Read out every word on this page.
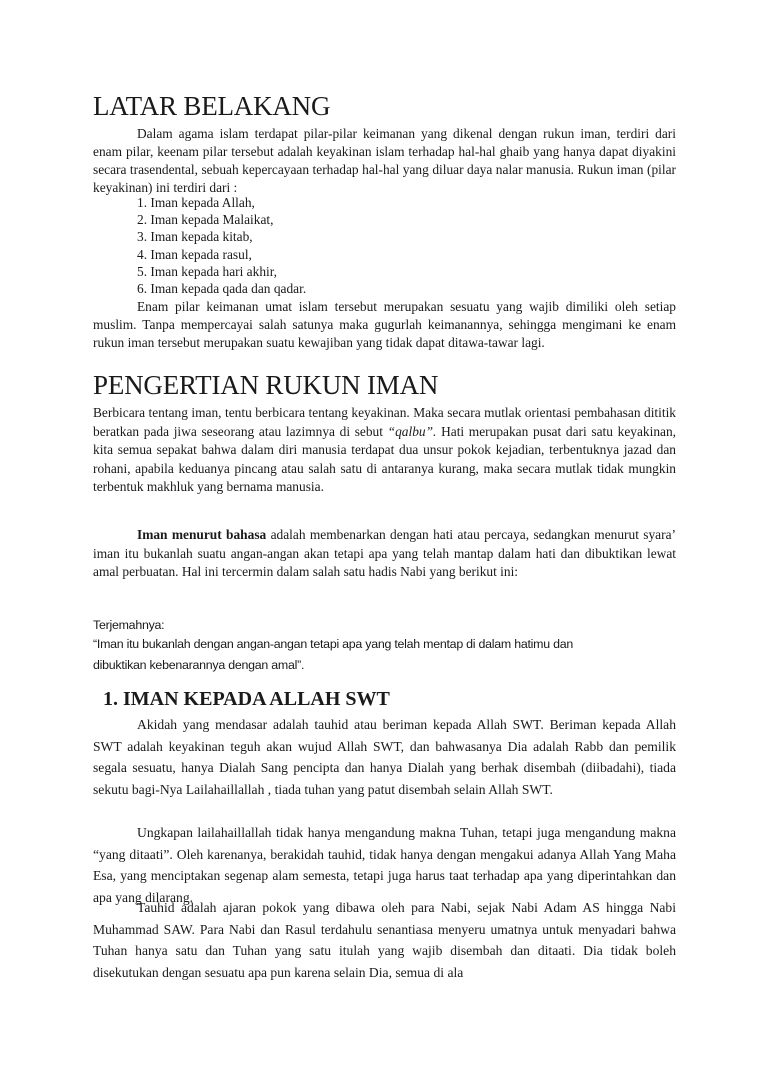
LATAR BELAKANG

Dalam agama islam terdapat pilar-pilar keimanan yang dikenal dengan rukun iman, terdiri dari enam pilar, keenam pilar tersebut adalah keyakinan islam terhadap hal-hal ghaib yang hanya dapat diyakini secara trasendental, sebuah kepercayaan terhadap hal-hal yang diluar daya nalar manusia. Rukun iman (pilar keyakinan) ini terdiri dari :

1. Iman kepada Allah,
2. Iman kepada Malaikat,
3. Iman kepada kitab,
4. Iman kepada rasul,
5. Iman kepada hari akhir,
6. Iman kepada qada dan qadar.

Enam pilar keimanan umat islam tersebut merupakan sesuatu yang wajib dimiliki oleh setiap muslim. Tanpa mempercayai salah satunya maka gugurlah keimanannya, sehingga mengimani ke enam rukun iman tersebut merupakan suatu kewajiban yang tidak dapat ditawa-tawar lagi.

PENGERTIAN RUKUN IMAN

Berbicara tentang iman, tentu berbicara tentang keyakinan. Maka secara mutlak orientasi pembahasan dititik beratkan pada jiwa seseorang atau lazimnya di sebut “qalbu”. Hati merupakan pusat dari satu keyakinan, kita semua sepakat bahwa dalam diri manusia terdapat dua unsur pokok kejadian, terbentuknya jazad dan rohani, apabila keduanya pincang atau salah satu di antaranya kurang, maka secara mutlak tidak mungkin terbentuk makhluk yang bernama manusia.

Iman menurut bahasa adalah membenarkan dengan hati atau percaya, sedangkan menurut syara’ iman itu bukanlah suatu angan-angan akan tetapi apa yang telah mantap dalam hati dan dibuktikan lewat amal perbuatan. Hal ini tercermin dalam salah satu hadis Nabi yang berikut ini:

Terjemahnya:

“Iman itu bukanlah dengan angan-angan tetapi apa yang telah mentap di dalam hatimu dan

dibuktikan kebenarannya dengan amal”.

1. IMAN KEPADA ALLAH SWT

Akidah yang mendasar adalah tauhid atau beriman kepada Allah SWT. Beriman kepada Allah SWT adalah keyakinan teguh akan wujud Allah SWT, dan bahwasanya Dia adalah Rabb dan pemilik segala sesuatu, hanya Dialah Sang pencipta dan hanya Dialah yang berhak disembah (diibadahi), tiada sekutu bagi-Nya Lailahaillallah , tiada tuhan yang patut disembah selain Allah SWT.

Ungkapan lailahaillallah tidak hanya mengandung makna Tuhan, tetapi juga mengandung makna “yang ditaati”. Oleh karenanya, berakidah tauhid, tidak hanya dengan mengakui adanya Allah Yang Maha Esa, yang menciptakan segenap alam semesta, tetapi juga harus taat terhadap apa yang diperintahkan dan apa yang dilarang.

Tauhid adalah ajaran pokok yang dibawa oleh para Nabi, sejak Nabi Adam AS hingga Nabi Muhammad SAW. Para Nabi dan Rasul terdahulu senantiasa menyeru umatnya untuk menyadari bahwa Tuhan hanya satu dan Tuhan yang satu itulah yang wajib disembah dan ditaati. Dia tidak boleh disekutukan dengan sesuatu apa pun karena selain Dia, semua di ala
